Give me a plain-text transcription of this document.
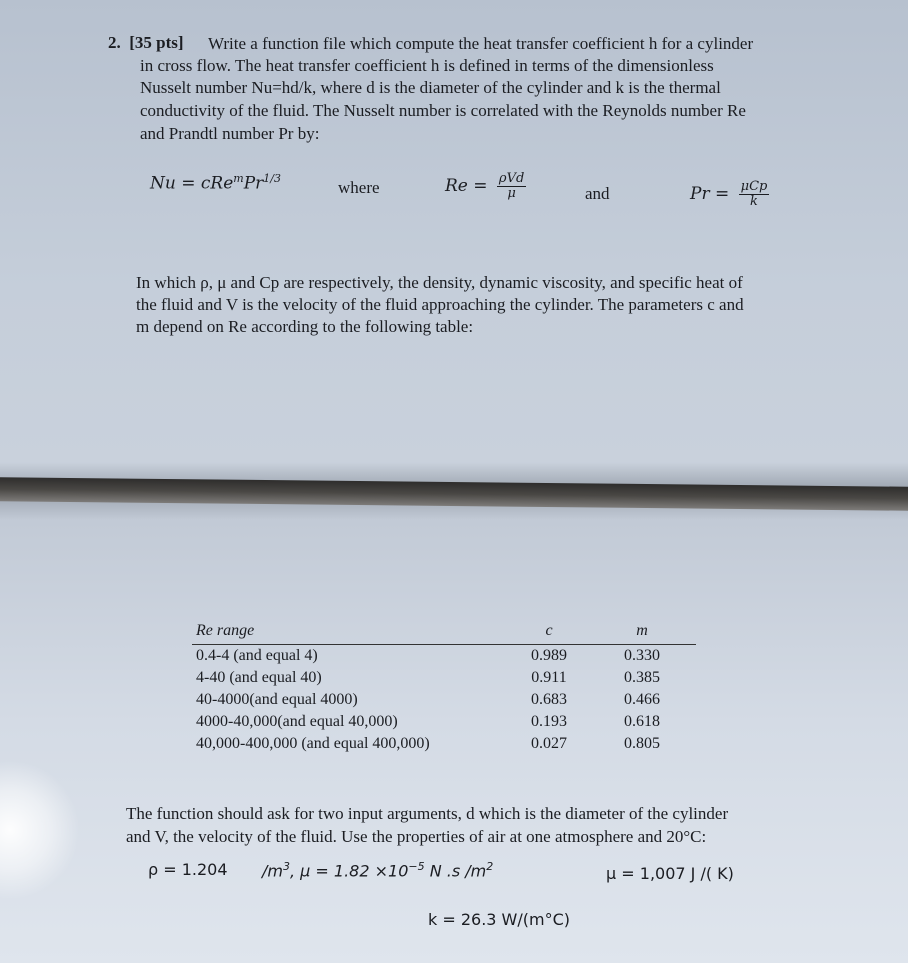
2. [35 pts] Write a function file which compute the heat transfer coefficient h for a cylinder

in cross flow. The heat transfer coefficient h is defined in terms of the dimensionless

Nusselt number Nu=hd/k, where d is the diameter of the cylinder and k is the thermal

conductivity of the fluid. The Nusselt number is correlated with the Reynolds number Re

and Prandtl number Pr by:

$Nu = cRe^mPr^{1/3}$	where	$Re = \frac{\text{ρVd}}{\mu}$	and	$Pr = \frac{\text{μCp}}{k}$

In which ρ, μ and Cp are respectively, the density, dynamic viscosity, and specific heat of

the fluid and V is the velocity of the fluid approaching the cylinder. The parameters c and

m depend on Re according to the following table:

Re range	c	m
0.4-4 (and equal 4)	0.989	0.330
4-40 (and equal 40)	0.911	0.385
40-4000(and equal 4000)	0.683	0.466
4000-40,000(and equal 40,000)	0.193	0.618
40,000-400,000 (and equal 400,000)	0.027	0.805

The function should ask for two input arguments, d which is the diameter of the cylinder

and V, the velocity of the fluid. Use the properties of air at one atmosphere and 20°C:

ρ = 1.204 $/m^3$, $\mu = 1.82 \times 10^{-5}$ N .s $/m^2$	μ = 1,007 J /( K)
k = 26.3 W/(m°C)
